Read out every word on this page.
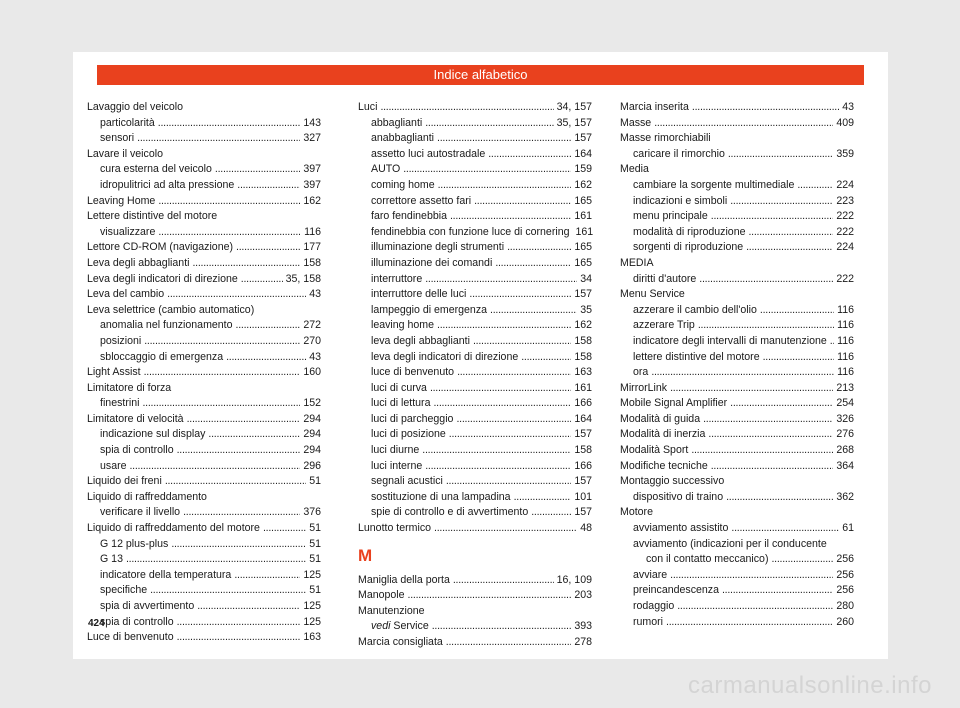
Indice alfabetico
Lavaggio del veicolo
particolarità . . .	143
sensori . . .	327
Lavare il veicolo
cura esterna del veicolo . . .	397
idropulitrici ad alta pressione . . .	397
Leaving Home . . .	162
Lettere distintive del motore
visualizzare . . .	116
Lettore CD-ROM (navigazione) . . .	177
Leva degli abbaglianti . . .	158
Leva degli indicatori di direzione . . .	35, 158
Leva del cambio . . .	43
Leva selettrice (cambio automatico)
anomalia nel funzionamento . . .	272
posizioni . . .	270
sbloccaggio di emergenza . . .	43
Light Assist . . .	160
Limitatore di forza
finestrini . . .	152
Limitatore di velocità . . .	294
indicazione sul display . . .	294
spia di controllo . . .	294
usare . . .	296
Liquido dei freni . . .	51
Liquido di raffreddamento
verificare il livello . . .	376
Liquido di raffreddamento del motore . . .	51
G 12 plus-plus . . .	51
G 13 . . .	51
indicatore della temperatura . . .	125
specifiche . . .	51
spia di avvertimento . . .	125
spia di controllo . . .	125
Luce di benvenuto . . .	163
Luci . . .	34, 157
abbaglianti . . .	35, 157
anabbaglianti . . .	157
assetto luci autostradale . . .	164
AUTO . . .	159
coming home . . .	162
correttore assetto fari . . .	165
faro fendinebbia . . .	161
fendinebbia con funzione luce di cornering 161
illuminazione degli strumenti . . .	165
illuminazione dei comandi . . .	165
interruttore . . .	34
interruttore delle luci . . .	157
lampeggio di emergenza . . .	35
leaving home . . .	162
leva degli abbaglianti . . .	158
leva degli indicatori di direzione . . .	158
luce di benvenuto . . .	163
luci di curva . . .	161
luci di lettura . . .	166
luci di parcheggio . . .	164
luci di posizione . . .	157
luci diurne . . .	158
luci interne . . .	166
segnali acustici . . .	157
sostituzione di una lampadina . . .	101
spie di controllo e di avvertimento . . .	157
Lunotto termico . . .	48
M
Maniglia della porta . . .	16, 109
Manopole . . .	203
Manutenzione
vedi Service . . .	393
Marcia consigliata . . .	278
Marcia inserita . . .	43
Masse . . .	409
Masse rimorchiabili
caricare il rimorchio . . .	359
Media
cambiare la sorgente multimediale . . .	224
indicazioni e simboli . . .	223
menu principale . . .	222
modalità di riproduzione . . .	222
sorgenti di riproduzione . . .	224
MEDIA
diritti d'autore . . .	222
Menu Service
azzerare il cambio dell'olio . . .	116
azzerare Trip . . .	116
indicatore degli intervalli di manutenzione . . . 116
lettere distintive del motore . . .	116
ora . . .	116
MirrorLink . . .	213
Mobile Signal Amplifier . . .	254
Modalità di guida . . .	326
Modalità di inerzia . . .	276
Modalità Sport . . .	268
Modifiche tecniche . . .	364
Montaggio successivo
dispositivo di traino . . .	362
Motore
avviamento assistito . . .	61
avviamento (indicazioni per il conducente
con il contatto meccanico) . . .	256
avviare . . .	256
preincandescenza . . .	256
rodaggio . . .	280
rumori . . .	260
424
carmanualsonline.info
